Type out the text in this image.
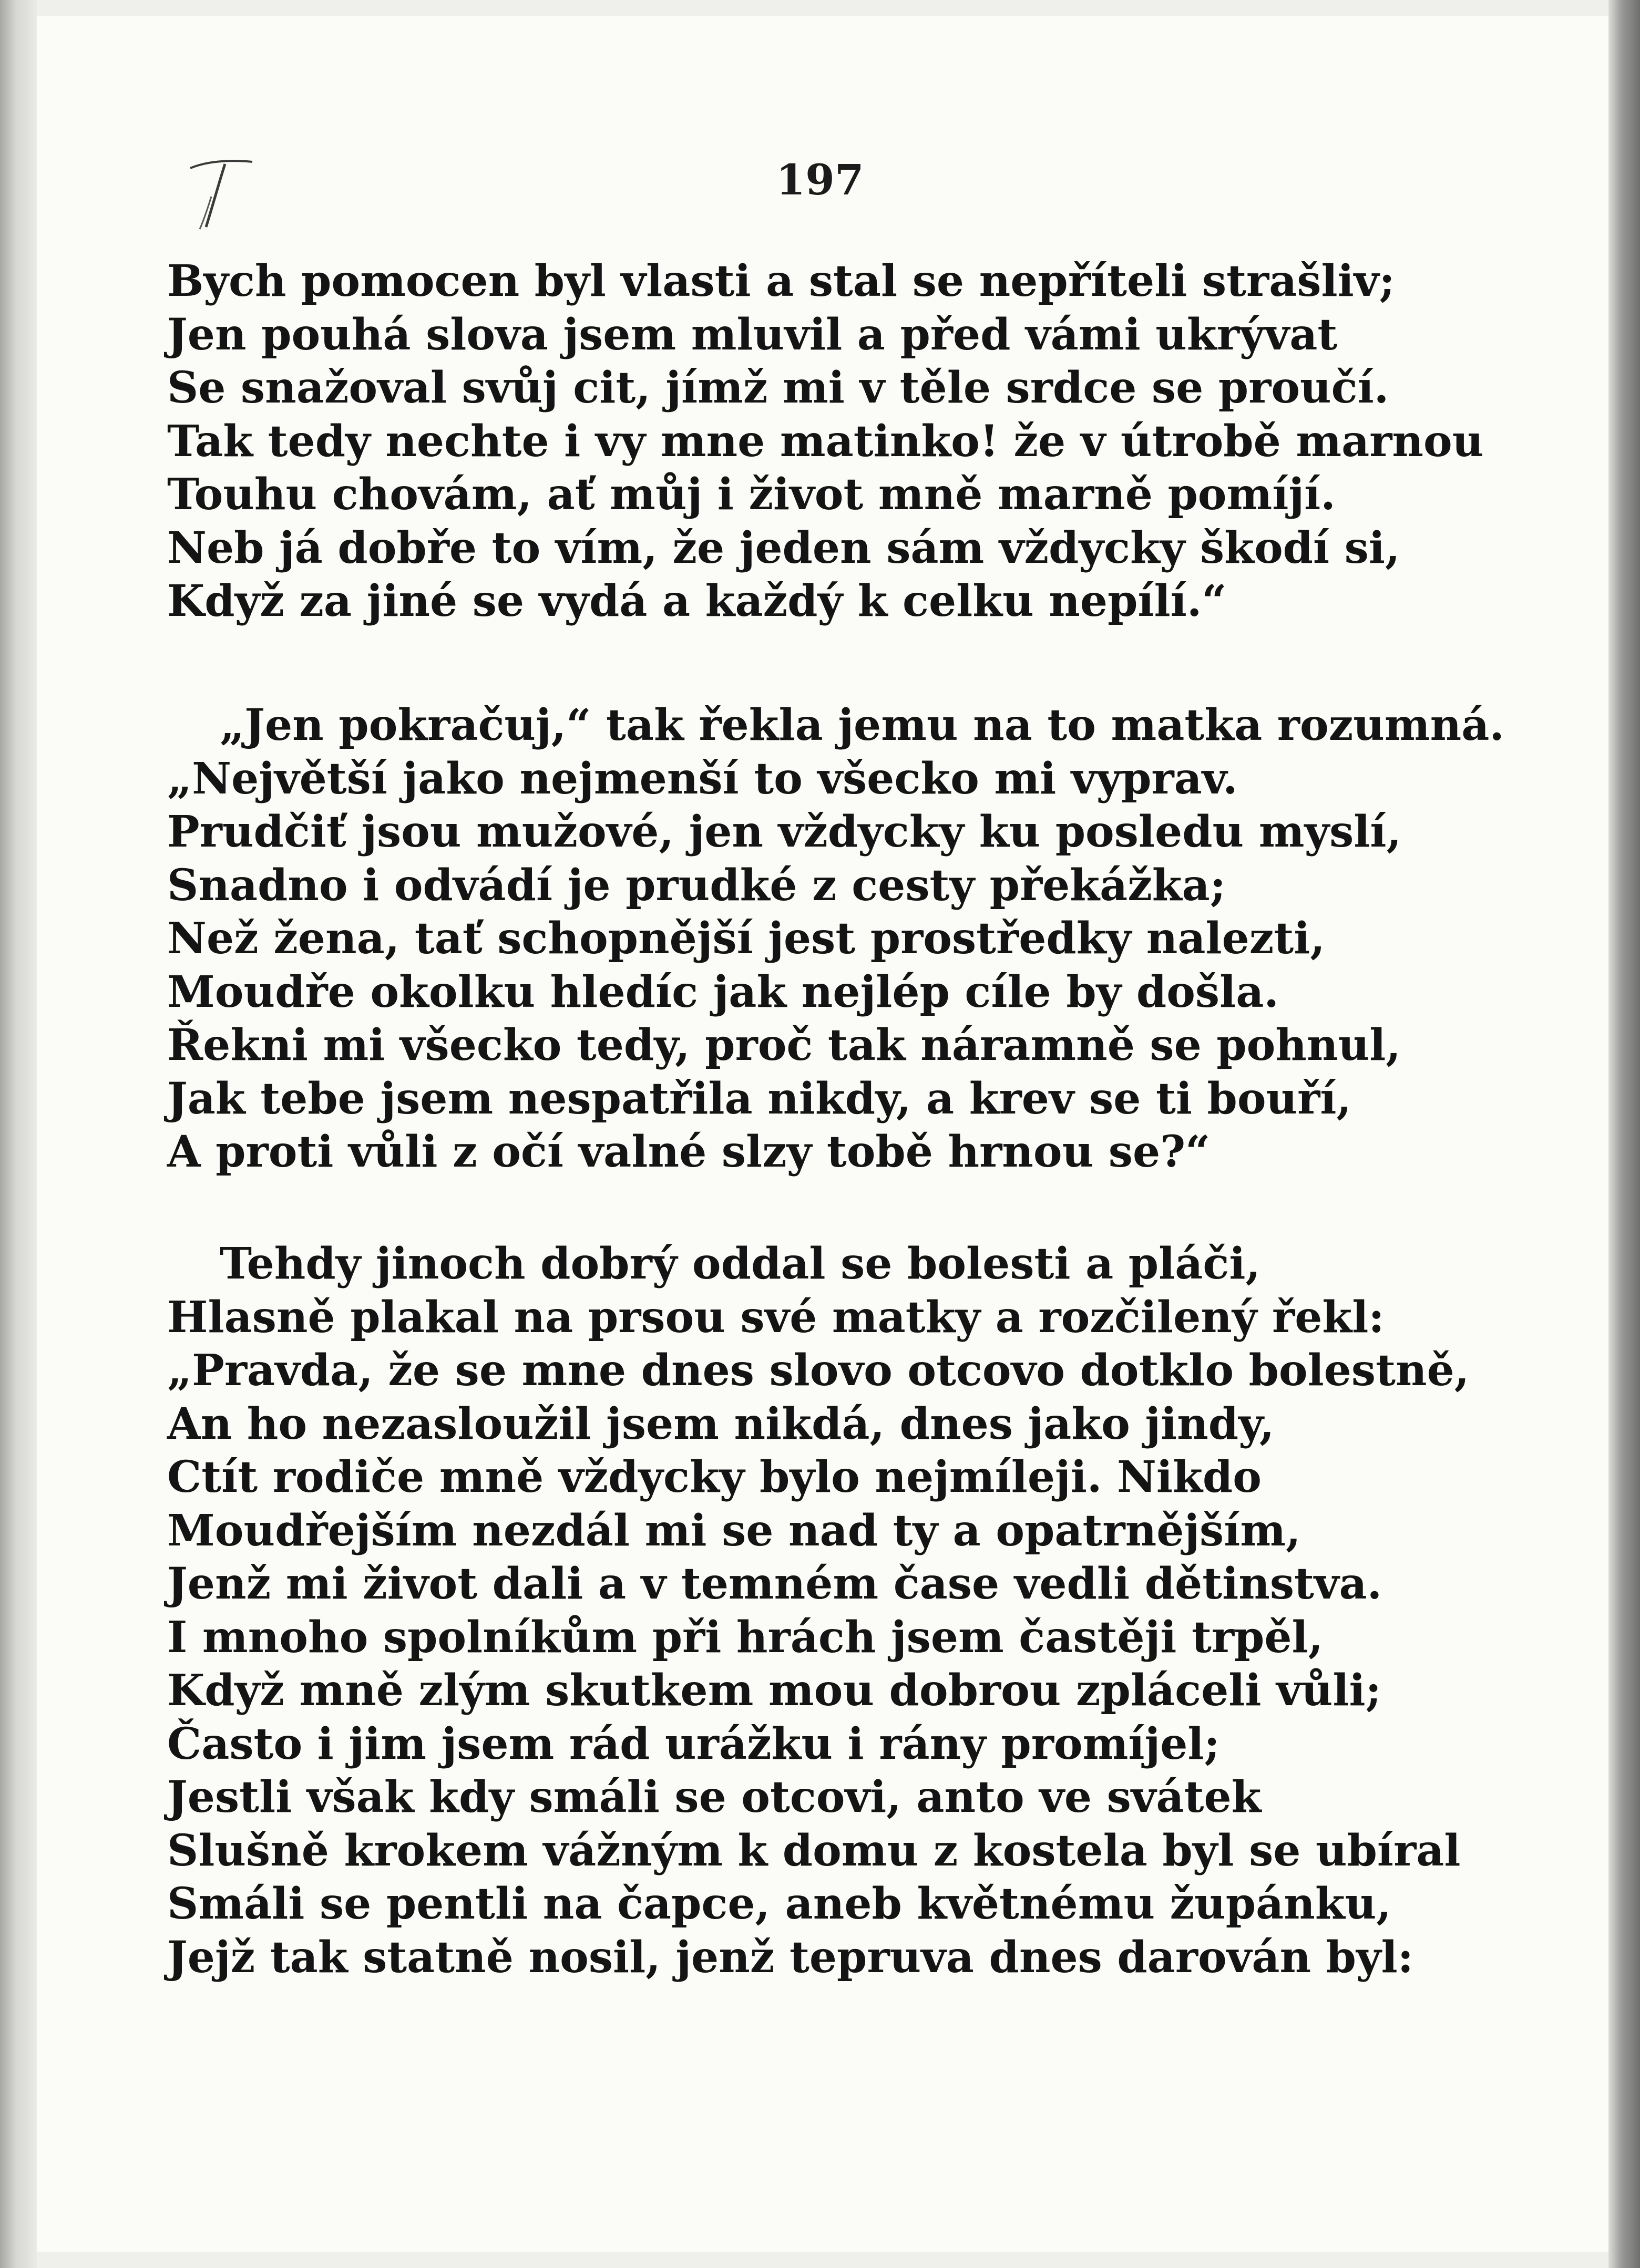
197
Bych pomocen byl vlasti a stal se nepříteli strašliv;
Jen pouhá slova jsem mluvil a před vámi ukrývat
Se snažoval svůj cit, jímž mi v těle srdce se proučí.
Tak tedy nechte i vy mne matinko! že v útrobě marnou
Touhu chovám, ať můj i život mně marně pomíjí.
Neb já dobře to vím, že jeden sám vždycky škodí si,
Když za jiné se vydá a každý k celku nepílí.“
„Jen pokračuj,“ tak řekla jemu na to matka rozumná.
„Největší jako nejmenší to všecko mi vyprav.
Prudčiť jsou mužové, jen vždycky ku posledu myslí,
Snadno i odvádí je prudké z cesty překážka;
Než žena, tať schopnější jest prostředky nalezti,
Moudře okolku hledíc jak nejlép cíle by došla.
Řekni mi všecko tedy, proč tak náramně se pohnul,
Jak tebe jsem nespatřila nikdy, a krev se ti bouří,
A proti vůli z očí valné slzy tobě hrnou se?“
Tehdy jinoch dobrý oddal se bolesti a pláči,
Hlasně plakal na prsou své matky a rozčilený řekl:
„Pravda, že se mne dnes slovo otcovo dotklo bolestně,
An ho nezasloužil jsem nikdá, dnes jako jindy,
Ctít rodiče mně vždycky bylo nejmíleji. Nikdo
Moudřejším nezdál mi se nad ty a opatrnějším,
Jenž mi život dali a v temném čase vedli dětinstva.
I mnoho spolníkům při hrách jsem častěji trpěl,
Když mně zlým skutkem mou dobrou zpláceli vůli;
Často i jim jsem rád urážku i rány promíjel;
Jestli však kdy smáli se otcovi, anto ve svátek
Slušně krokem vážným k domu z kostela byl se ubíral
Smáli se pentli na čapce, aneb květnému župánku,
Jejž tak statně nosil, jenž tepruva dnes darován byl:
